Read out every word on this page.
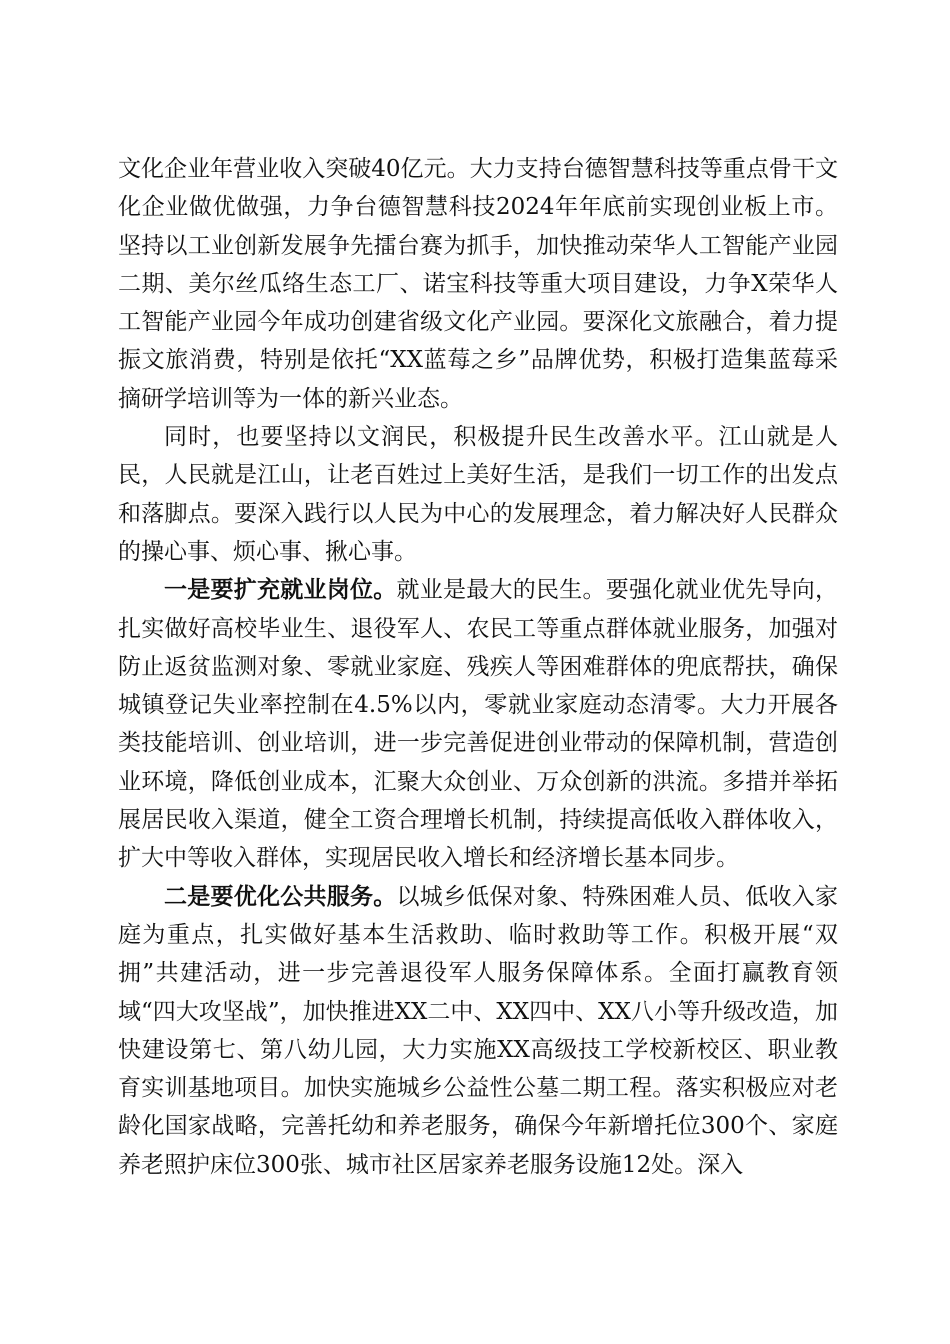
文化企业年营业收入突破40亿元。大力支持台德智慧科技等重点骨干文化企业做优做强，力争台德智慧科技2024年年底前实现创业板上市。坚持以工业创新发展争先擂台赛为抓手，加快推动荣华人工智能产业园二期、美尔丝瓜络生态工厂、诺宝科技等重大项目建设，力争X荣华人工智能产业园今年成功创建省级文化产业园。要深化文旅融合，着力提振文旅消费，特别是依托“XX蓝莓之乡”品牌优势，积极打造集蓝莓采摘研学培训等为一体的新兴业态。

同时，也要坚持以文润民，积极提升民生改善水平。江山就是人民，人民就是江山，让老百姓过上美好生活，是我们一切工作的出发点和落脚点。要深入践行以人民为中心的发展理念，着力解决好人民群众的操心事、烦心事、揪心事。

一是要扩充就业岗位。就业是最大的民生。要强化就业优先导向，扎实做好高校毕业生、退役军人、农民工等重点群体就业服务，加强对防止返贫监测对象、零就业家庭、残疾人等困难群体的兜底帮扶，确保城镇登记失业率控制在4.5%以内，零就业家庭动态清零。大力开展各类技能培训、创业培训，进一步完善促进创业带动的保障机制，营造创业环境，降低创业成本，汇聚大众创业、万众创新的洪流。多措并举拓展居民收入渠道，健全工资合理增长机制，持续提高低收入群体收入，扩大中等收入群体，实现居民收入增长和经济增长基本同步。

二是要优化公共服务。以城乡低保对象、特殊困难人员、低收入家庭为重点，扎实做好基本生活救助、临时救助等工作。积极开展“双拥”共建活动，进一步完善退役军人服务保障体系。全面打赢教育领域“四大攻坚战”，加快推进XX二中、XX四中、XX八小等升级改造，加快建设第七、第八幼儿园，大力实施XX高级技工学校新校区、职业教育实训基地项目。加快实施城乡公益性公墓二期工程。落实积极应对老龄化国家战略，完善托幼和养老服务，确保今年新增托位300个、家庭养老照护床位300张、城市社区居家养老服务设施12处。深入
